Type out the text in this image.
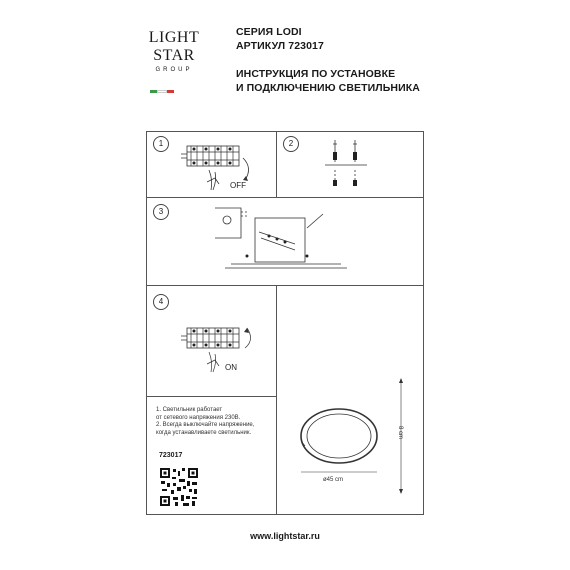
LIGHT
STAR
GROUP
СЕРИЯ LODI
АРТИКУЛ 723017
ИНСТРУКЦИЯ ПО УСТАНОВКЕ
И ПОДКЛЮЧЕНИЮ СВЕТИЛЬНИКА
1
OFF
2
3
4
ON
8 cm
ø45 cm
1. Светильник работает
от сетевого напряжения 230В.
2. Всегда выключайте напряжение,
когда устанавливаете светильник.
723017
www.lightstar.ru
